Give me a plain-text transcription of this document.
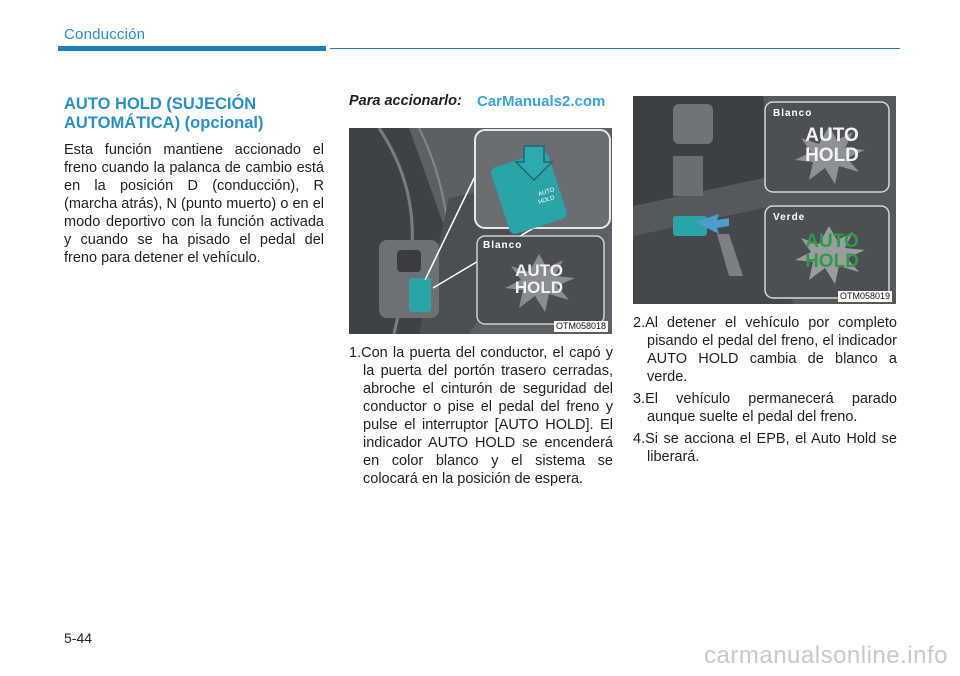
Conducción
AUTO HOLD (SUJECIÓN AUTOMÁTICA) (opcional)

Esta función mantiene accionado el freno cuando la palanca de cambio está en la posición D (conducción), R (marcha atrás), N (punto muerto) o en el modo deportivo con la función activada y cuando se ha pisado el pedal del freno para detener el vehículo.

Para accionarlo: CarManuals2.com
AUTO
HOLD
Blanco
AUTO HOLD
OTM058018
1.Con la puerta del conductor, el capó y la puerta del portón trasero cerradas, abroche el cinturón de seguridad del conductor o pise el pedal del freno y pulse el interruptor [AUTO HOLD]. El indicador AUTO HOLD se encenderá en color blanco y el sistema se colocará en la posición de espera.
Blanco
AUTO
HOLD
Verde
AUTO
HOLD
OTM058019
2.Al detener el vehículo por completo pisando el pedal del freno, el indicador AUTO HOLD cambia de blanco a verde.
3.El vehículo permanecerá parado aunque suelte el pedal del freno.
4.Si se acciona el EPB, el Auto Hold se liberará.
5-44
carmanualsonline.info
